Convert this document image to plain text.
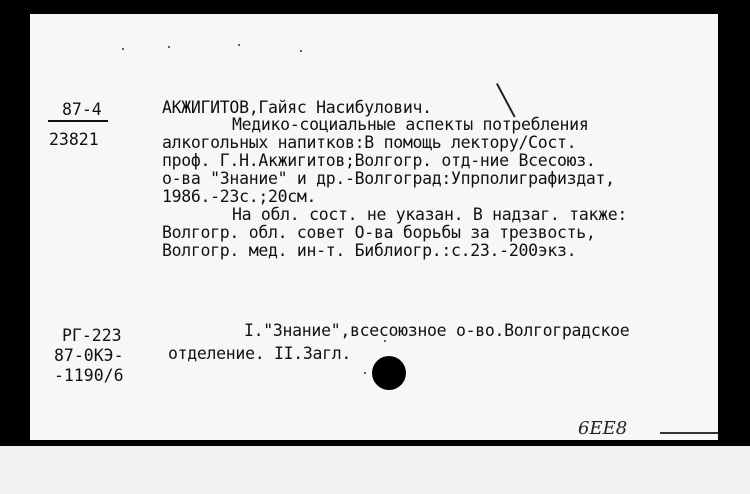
87-4
23821
АКЖИГИТОВ,Гайяс Насибулович.
Медико-социальные аспекты потребления
алкогольных напитков:В помощь лектору/Сост.
проф. Г.Н.Акжигитов;Волгогр. отд-ние Всесоюз.
о-ва "Знание" и др.-Волгоград:Упрполиграфиздат,
1986.-23с.;20см.
На обл. сост. не указан. В надзаг. также:
Волгогр. обл. совет О-ва борьбы за трезвость,
Волгогр. мед. ин-т. Библиогр.:с.23.-200экз.
РГ-223
87-0КЭ-
-1190/6
I."Знание",всесоюзное о-во.Волгоградское
отделение. II.Загл.
6ЕЕ8
